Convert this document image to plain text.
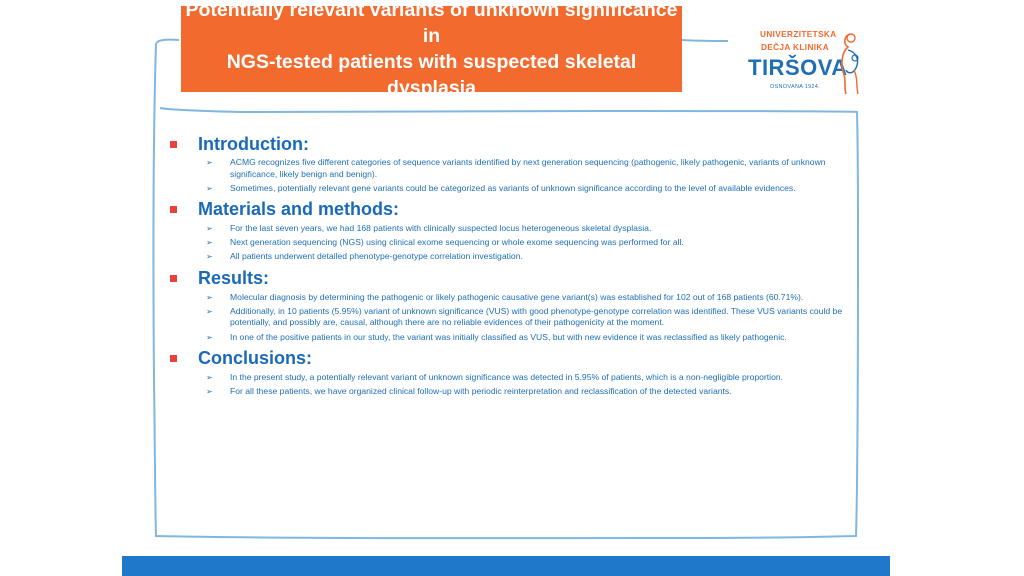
Potentially relevant variants of unknown significance in
NGS-tested patients with suspected skeletal dysplasia
UNIVERZITETSKA
DEČJA KLINIKA
TIRŠOVA
OSNOVANA 1924.
Introduction:
➢ ACMG recognizes five different categories of sequence variants identified by next generation sequencing (pathogenic, likely pathogenic, variants of unknown significance, likely benign and benign).
➢ Sometimes, potentially relevant gene variants could be categorized as variants of unknown significance according to the level of available evidences.
Materials and methods:
➢ For the last seven years, we had 168 patients with clinically suspected locus heterogeneous skeletal dysplasia.
➢ Next generation sequencing (NGS) using clinical exome sequencing or whole exome sequencing was performed for all.
➢ All patients underwent detailed phenotype-genotype correlation investigation.
Results:
➢ Molecular diagnosis by determining the pathogenic or likely pathogenic causative gene variant(s) was established for 102 out of 168 patients (60.71%).
➢ Additionally, in 10 patients (5.95%) variant of unknown significance (VUS) with good phenotype-genotype correlation was identified. These VUS variants could be potentially, and possibly are, causal, although there are no reliable evidences of their pathogenicity at the moment.
➢ In one of the positive patients in our study, the variant was initially classified as VUS, but with new evidence it was reclassified as likely pathogenic.
Conclusions:
➢ In the present study, a potentially relevant variant of unknown significance was detected in 5.95% of patients, which is a non-negligible proportion.
➢ For all these patients, we have organized clinical follow-up with periodic reinterpretation and reclassification of the detected variants.
